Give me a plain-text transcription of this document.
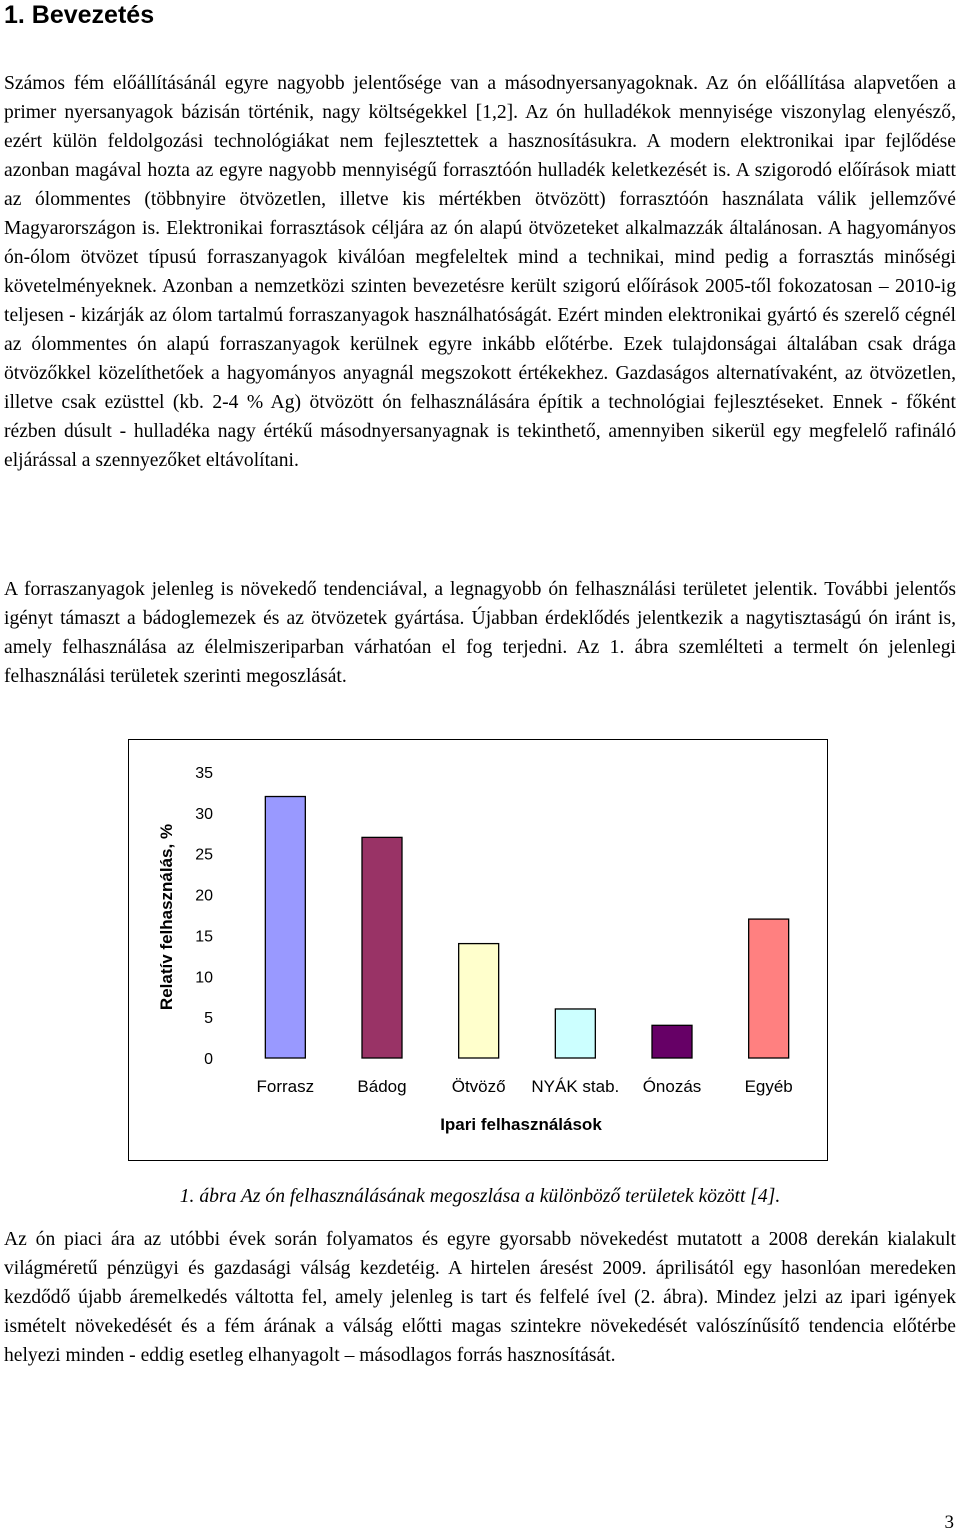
1. Bevezetés

Számos fém előállításánál egyre nagyobb jelentősége van a másodnyersanyagoknak. Az ón előállítása alapvetően a primer nyersanyagok bázisán történik, nagy költségekkel [1,2]. Az ón hulladékok mennyisége viszonylag elenyésző, ezért külön feldolgozási technológiákat nem fejlesztettek a hasznosításukra. A modern elektronikai ipar fejlődése azonban magával hozta az egyre nagyobb mennyiségű forrasztóón hulladék keletkezését is. A szigorodó előírások miatt az ólommentes (többnyire ötvözetlen, illetve kis mértékben ötvözött) forrasztóón használata válik jellemzővé Magyarországon is. Elektronikai forrasztások céljára az ón alapú ötvözeteket alkalmazzák általánosan. A hagyományos ón-ólom ötvözet típusú forraszanyagok kiválóan megfeleltek mind a technikai, mind pedig a forrasztás minőségi követelményeknek. Azonban a nemzetközi szinten bevezetésre került szigorú előírások 2005-től fokozatosan – 2010-ig teljesen - kizárják az ólom tartalmú forraszanyagok használhatóságát. Ezért minden elektronikai gyártó és szerelő cégnél az ólommentes ón alapú forraszanyagok kerülnek egyre inkább előtérbe. Ezek tulajdonságai általában csak drága ötvözőkkel közelíthetőek a hagyományos anyagnál megszokott értékekhez. Gazdaságos alternatívaként, az ötvözetlen, illetve csak ezüsttel (kb. 2-4 % Ag) ötvözött ón felhasználására építik a technológiai fejlesztéseket. Ennek - főként rézben dúsult - hulladéka nagy értékű másodnyersanyagnak is tekinthető, amennyiben sikerül egy megfelelő rafináló eljárással a szennyezőket eltávolítani.

A forraszanyagok jelenleg is növekedő tendenciával, a legnagyobb ón felhasználási területet jelentik. További jelentős igényt támaszt a bádoglemezek és az ötvözetek gyártása. Újabban érdeklődés jelentkezik a nagytisztaságú ón iránt is, amely felhasználása az élelmiszeriparban várhatóan el fog terjedni. Az 1. ábra szemlélteti a termelt ón jelenlegi felhasználási területek szerinti megoszlását.

0
5
10
15
20
25
30
35
Forrasz	Bádog	Ötvöző NYÁK stab. Ónozás	Egyéb
Ipari felhasználások
Relatív felhasználás, %

1. ábra Az ón felhasználásának megoszlása a különböző területek között [4].

Az ón piaci ára az utóbbi évek során folyamatos és egyre gyorsabb növekedést mutatott a 2008 derekán kialakult világméretű pénzügyi és gazdasági válság kezdetéig. A hirtelen áresést 2009. áprilisától egy hasonlóan meredeken kezdődő újabb áremelkedés váltotta fel, amely jelenleg is tart és felfelé ível (2. ábra). Mindez jelzi az ipari igények ismételt növekedését és a fém árának a válság előtti magas szintekre növekedését valószínűsítő tendencia előtérbe helyezi minden - eddig esetleg elhanyagolt – másodlagos forrás hasznosítását.

3
